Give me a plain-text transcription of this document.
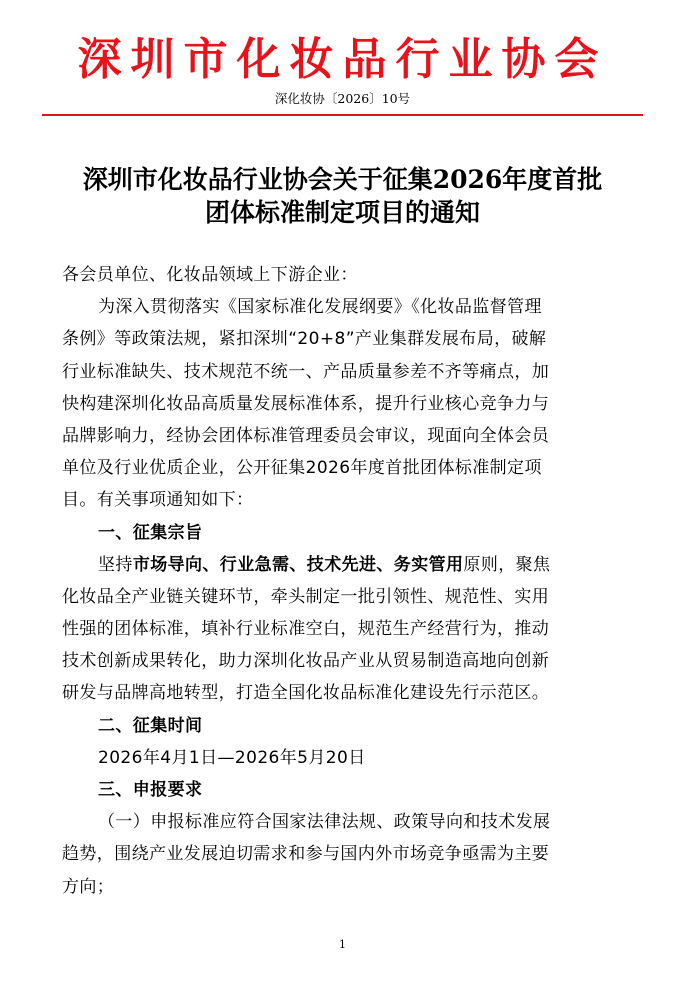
深圳市化妆品行业协会
深化妆协〔2026〕10号
深圳市化妆品行业协会关于征集2026年度首批
团体标准制定项目的通知
各会员单位、化妆品领域上下游企业：
为深入贯彻落实《国家标准化发展纲要》《化妆品监督管理
条例》等政策法规，紧扣深圳“20+8”产业集群发展布局，破解
行业标准缺失、技术规范不统一、产品质量参差不齐等痛点，加
快构建深圳化妆品高质量发展标准体系，提升行业核心竞争力与
品牌影响力，经协会团体标准管理委员会审议，现面向全体会员
单位及行业优质企业，公开征集2026年度首批团体标准制定项
目。有关事项通知如下：
一、征集宗旨
坚持市场导向、行业急需、技术先进、务实管用原则，聚焦
化妆品全产业链关键环节，牵头制定一批引领性、规范性、实用
性强的团体标准，填补行业标准空白，规范生产经营行为，推动
技术创新成果转化，助力深圳化妆品产业从贸易制造高地向创新
研发与品牌高地转型，打造全国化妆品标准化建设先行示范区。
二、征集时间
2026年4月1日—2026年5月20日
三、申报要求
（一）申报标准应符合国家法律法规、政策导向和技术发展
趋势，围绕产业发展迫切需求和参与国内外市场竞争亟需为主要
方向；
1
